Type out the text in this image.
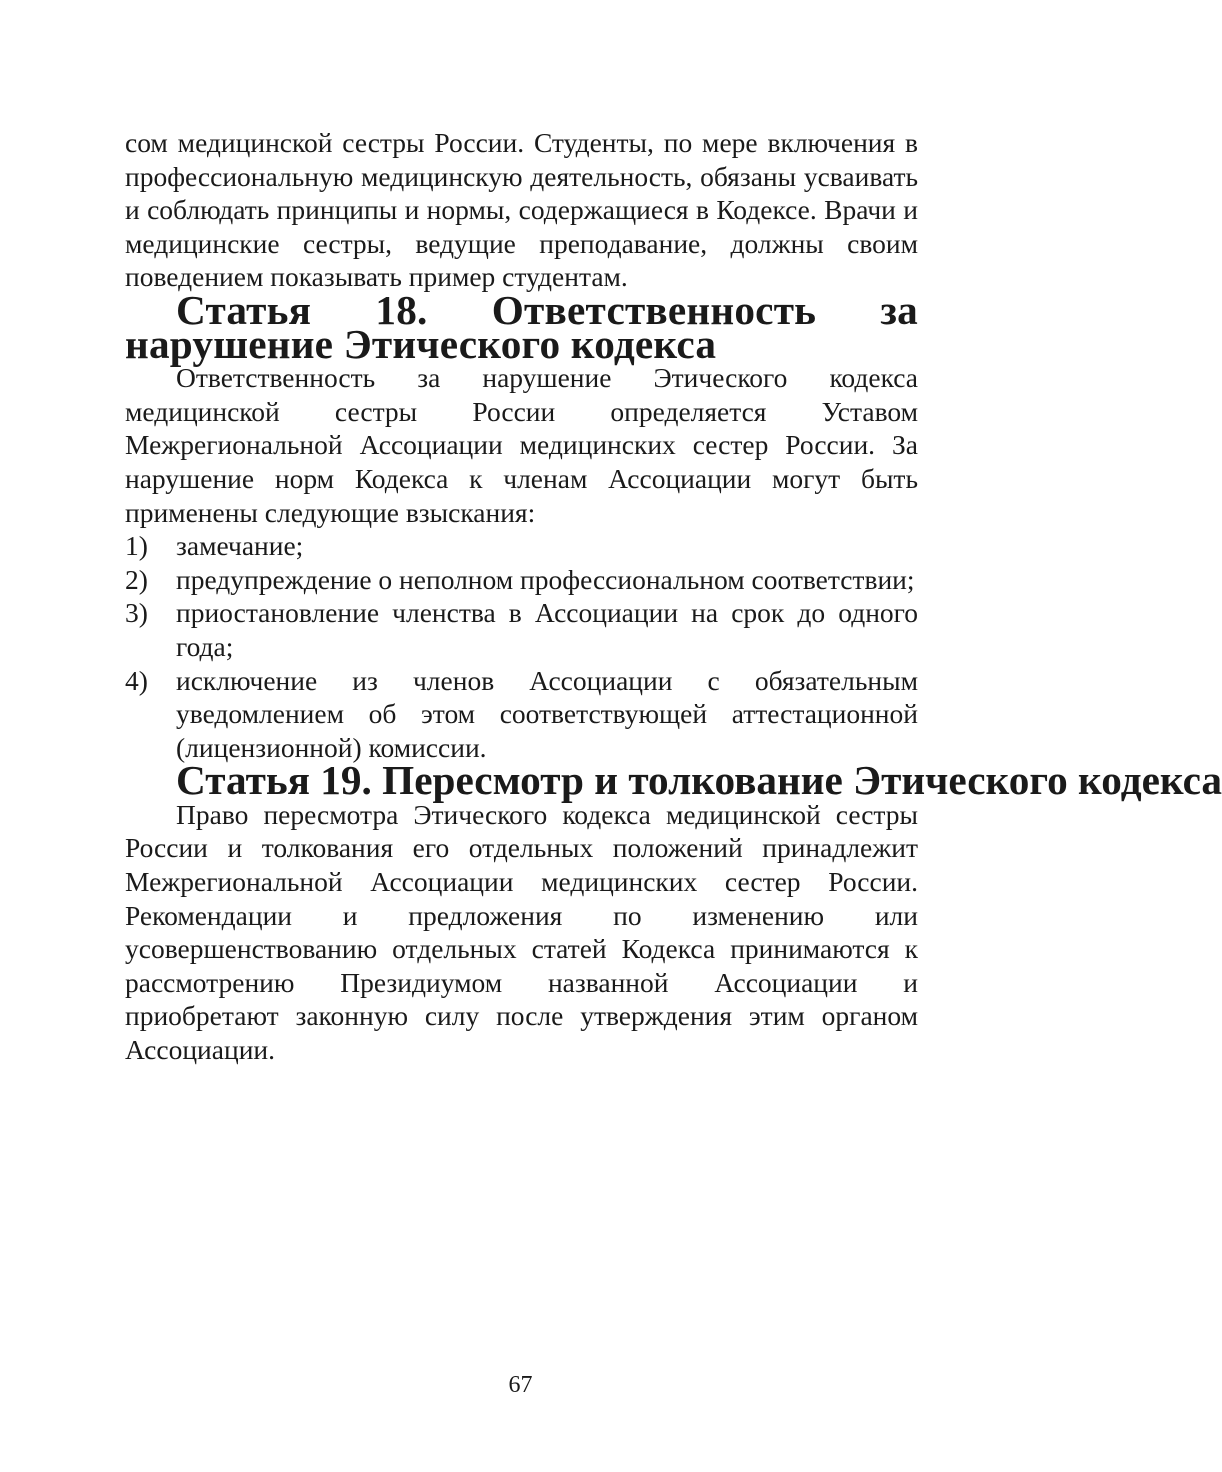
сом медицинской сестры России. Студенты, по мере включения в профессиональную медицинскую деятельность, обязаны усваивать и соблюдать принципы и нормы, содержащиеся в Кодексе. Врачи и медицинские сестры, ведущие преподавание, должны своим поведением показывать пример студентам.

Статья 18. Ответственность за нарушение Этического кодекса

Ответственность за нарушение Этического кодекса медицинской сестры России определяется Уставом Межрегиональной Ассоциации медицинских сестер России. За нарушение норм Кодекса к членам Ассоциации могут быть применены следующие взыскания:

1) замечание;
2) предупреждение о неполном профессиональном соответствии;
3) приостановление членства в Ассоциации на срок до одного года;
4) исключение из членов Ассоциации с обязательным уведомлением об этом соответствующей аттестационной (лицензионной) комиссии.
Статья 19. Пересмотр и толкование Этического кодекса

Право пересмотра Этического кодекса медицинской сестры России и толкования его отдельных положений принадлежит Межрегиональной Ассоциации медицинских сестер России. Рекомендации и предложения по изменению или усовершенствованию отдельных статей Кодекса принимаются к рассмотрению Президиумом названной Ассоциации и приобретают законную силу после утверждения этим органом Ассоциации.

67
